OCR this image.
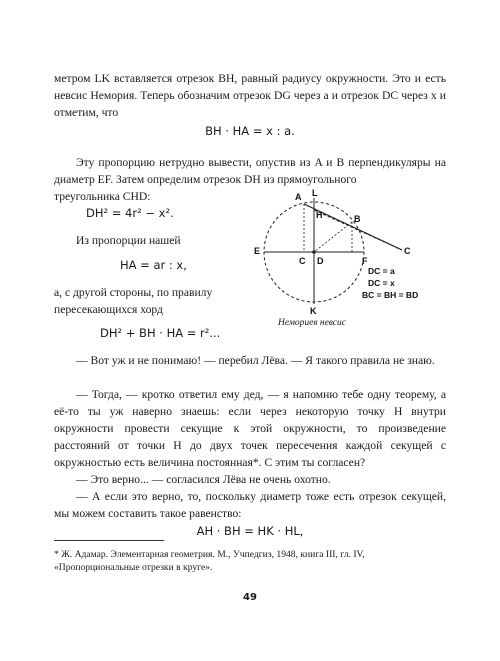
метром LK вставляется отрезок BH, равный радиусу окружности. Это и есть невсис Немория. Теперь обозначим отрезок DG через a и отрезок DC через x и отметим, что
BH · HA = x : a.
Эту пропорцию нетрудно вывести, опустив из A и B перпендикуляры на диаметр EF. Затем определим отрезок DH из прямоугольного
треугольника CHD:
DH² = 4r² − x².
Из пропорции нашей
HA = ar : x,
а, с другой стороны, по правилу пересекающихся хорд
DH² + BH · HA = r²...
A L
H	B
E
C D	F
C
K
DC = a
DC = x
BC = BH = BD
Немориев невсис
— Вот уж и не понимаю! — перебил Лёва. — Я такого правила не знаю.
— Тогда, — кротко ответил ему дед, — я напомню тебе одну теорему, а её-то ты уж наверно знаешь: если через некоторую точку H внутри окружности провести секущие к этой окружности, то произведение расстояний от точки H до двух точек пересечения каждой секущей с окружностью есть величина постоянная*. С этим ты согласен?
— Это верно... — согласился Лёва не очень охотно.
— А если это верно, то, поскольку диаметр тоже есть отрезок секущей, мы можем составить такое равенство:
AH · BH = HK · HL,
* Ж. Адамар. Элементарная геометрия. М., Учпедгиз, 1948, книга III, гл. IV, «Пропорциональные отрезки в круге».
49
